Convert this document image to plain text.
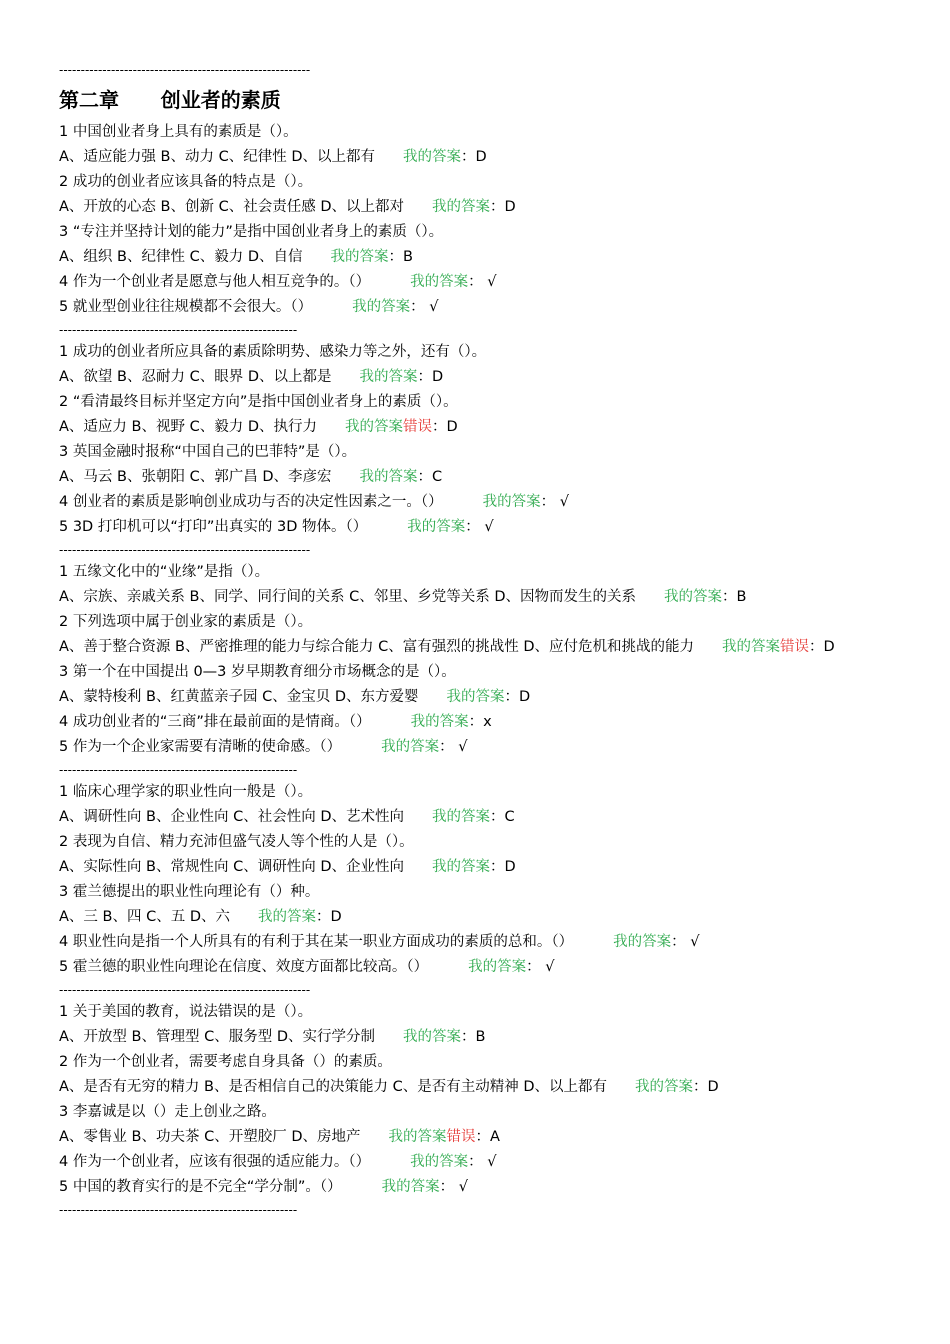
----------------------------------------------------------
第二章 创业者的素质
1 中国创业者身上具有的素质是（）。
A、适应能力强 B、动力 C、纪律性 D、以上都有 我的答案：D
2 成功的创业者应该具备的特点是（）。
A、开放的心态 B、创新 C、社会责任感 D、以上都对 我的答案：D
3 “专注并坚持计划的能力”是指中国创业者身上的素质（）。
A、组织 B、纪律性 C、毅力 D、自信 我的答案：B
4 作为一个创业者是愿意与他人相互竞争的。（）	我的答案： √
5 就业型创业往往规模都不会很大。（）	我的答案： √
-------------------------------------------------------
1 成功的创业者所应具备的素质除明势、感染力等之外，还有（）。
A、欲望 B、忍耐力 C、眼界 D、以上都是 我的答案：D
2 “看清最终目标并坚定方向”是指中国创业者身上的素质（）。
A、适应力 B、视野 C、毅力 D、执行力 我的答案错误：D
3 英国金融时报称“中国自己的巴菲特”是（）。
A、马云 B、张朝阳 C、郭广昌 D、李彦宏 我的答案：C
4 创业者的素质是影响创业成功与否的决定性因素之一。（）	我的答案： √
5 3D 打印机可以“打印”出真实的 3D 物体。（）	我的答案： √
----------------------------------------------------------
1 五缘文化中的“业缘”是指（）。
A、宗族、亲戚关系 B、同学、同行间的关系 C、邻里、乡党等关系 D、因物而发生的关系 我的答案：B
2 下列选项中属于创业家的素质是（）。
A、善于整合资源 B、严密推理的能力与综合能力 C、富有强烈的挑战性 D、应付危机和挑战的能力 我的答案错误：D
3 第一个在中国提出 0—3 岁早期教育细分市场概念的是（）。
A、蒙特梭利 B、红黄蓝亲子园 C、金宝贝 D、东方爱婴 我的答案：D
4 成功创业者的“三商”排在最前面的是情商。（）	我的答案：x
5 作为一个企业家需要有清晰的使命感。（）	我的答案： √
-------------------------------------------------------
1 临床心理学家的职业性向一般是（）。
A、调研性向 B、企业性向 C、社会性向 D、艺术性向 我的答案：C
2 表现为自信、精力充沛但盛气凌人等个性的人是（）。
A、实际性向 B、常规性向 C、调研性向 D、企业性向 我的答案：D
3 霍兰德提出的职业性向理论有（）种。
A、三 B、四 C、五 D、六 我的答案：D
4 职业性向是指一个人所具有的有利于其在某一职业方面成功的素质的总和。（）	我的答案： √
5 霍兰德的职业性向理论在信度、效度方面都比较高。（）	我的答案： √
----------------------------------------------------------
1 关于美国的教育，说法错误的是（）。
A、开放型 B、管理型 C、服务型 D、实行学分制 我的答案：B
2 作为一个创业者，需要考虑自身具备（）的素质。
A、是否有无穷的精力 B、是否相信自己的决策能力 C、是否有主动精神 D、以上都有 我的答案：D
3 李嘉诚是以（）走上创业之路。
A、零售业 B、功夫茶 C、开塑胶厂 D、房地产 我的答案错误：A
4 作为一个创业者，应该有很强的适应能力。（）	我的答案： √
5 中国的教育实行的是不完全“学分制”。（）	我的答案： √
-------------------------------------------------------
